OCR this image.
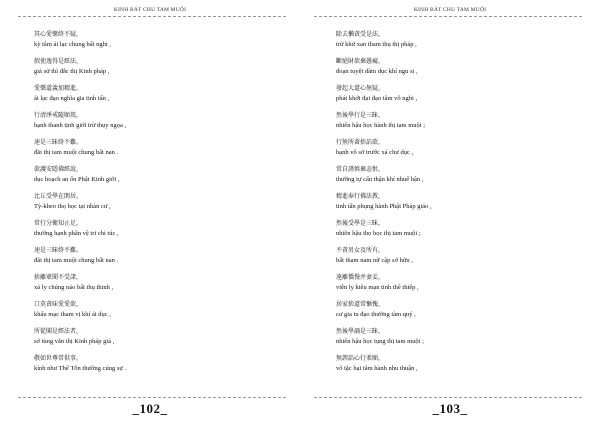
KINH BÁT CHU TAM MUỘI
其心愛樂終不疑，
kỳ tâm ái lạc chung bất nghi ,
假使逸得是經法，
giả sử thì đắc thị Kinh pháp ,
愛樂道義加精進，
ái lạc đạo nghĩa gia tinh tấn ,
行清淨戒隨順篤，
hạnh thanh tịnh giới trừ thụy ngọa ,
速是三昧終不難。
đãi thị tam muội chung bất nan .
欲護安隱佛經說，
dục hoạch an ổn Phật Kinh giới ,
比丘受學在閑居，
Tỳ-kheo thọ học tại nhàn cư ,
常行分衛知止足，
thường hạnh phân vệ tri chỉ túc ,
速是三昧終不難。
đãi thị tam muội chung bất nan .
捨離眾聞不受諸，
xả ly chúng náo bất thụ thinh ,
口莫貪味愛愛欲，
khẩu mạc tham vị khí ái dục ,
所從聞是經法者，
sở tùng văn thị Kinh pháp giả ,
敬如世尊常供事。
kính như Thế Tôn thường cúng sự .
_102_
KINH BÁT CHU TAM MUỘI
除去懶貪受是法，
trừ khử xan tham thụ thị pháp ,
斷絕財欲棄愚癡，
đoạn tuyệt dâm dục khí ngu si ,
發起大道心無疑，
phát khởi đại đạo tâm vô nghi ,
然後學行是三昧，
nhiên hậu học hành thị tam muội ;
行無所著捨諂欲，
hạnh vô sở trước xả chư dục ,
常自謹慎棄恚恨，
thường tự cẩn thận khí nhuế hận ,
精進奉行佛法教，
tinh tấn phụng hành Phật Pháp giáo ,
然後受學是三昧，
nhiên hậu thọ học thị tam muội ;
不貪男女及所有，
bất tham nam nữ cập sở hữu ,
遠離憍慢并妻妾，
viễn ly kiêu mạn tinh thê thiếp ,
居家捨道常慚愧，
cư gia tu đạo thường tàm quý ,
然後學誦是三昧，
nhiên hậu học tụng thị tam muội ;
無諛諂心行柔順，
vô tặc hại tâm hành nhu thuận ,
_103_
